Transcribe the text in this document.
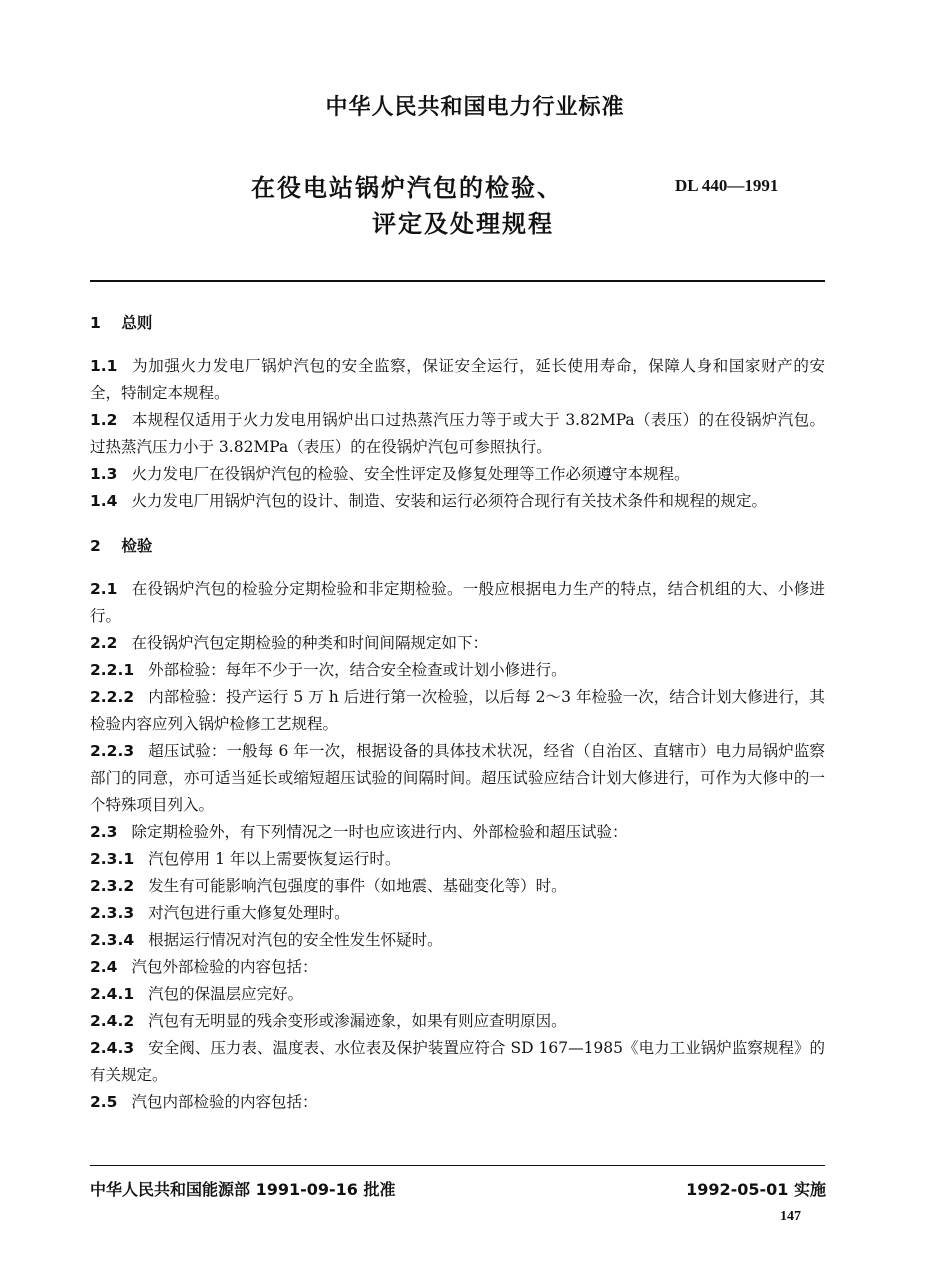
中华人民共和国电力行业标准
在役电站锅炉汽包的检验、
评定及处理规程
DL 440—1991
1 总则

1.1 为加强火力发电厂锅炉汽包的安全监察，保证安全运行，延长使用寿命，保障人身和国家财产的安全，特制定本规程。

1.2 本规程仅适用于火力发电用锅炉出口过热蒸汽压力等于或大于 3.82MPa（表压）的在役锅炉汽包。过热蒸汽压力小于 3.82MPa（表压）的在役锅炉汽包可参照执行。

1.3 火力发电厂在役锅炉汽包的检验、安全性评定及修复处理等工作必须遵守本规程。

1.4 火力发电厂用锅炉汽包的设计、制造、安装和运行必须符合现行有关技术条件和规程的规定。

2 检验

2.1 在役锅炉汽包的检验分定期检验和非定期检验。一般应根据电力生产的特点，结合机组的大、小修进行。

2.2 在役锅炉汽包定期检验的种类和时间间隔规定如下：

2.2.1 外部检验：每年不少于一次，结合安全检查或计划小修进行。

2.2.2 内部检验：投产运行 5 万 h 后进行第一次检验，以后每 2～3 年检验一次，结合计划大修进行，其检验内容应列入锅炉检修工艺规程。

2.2.3 超压试验：一般每 6 年一次，根据设备的具体技术状况，经省（自治区、直辖市）电力局锅炉监察部门的同意，亦可适当延长或缩短超压试验的间隔时间。超压试验应结合计划大修进行，可作为大修中的一个特殊项目列入。

2.3 除定期检验外，有下列情况之一时也应该进行内、外部检验和超压试验：

2.3.1 汽包停用 1 年以上需要恢复运行时。

2.3.2 发生有可能影响汽包强度的事件（如地震、基础变化等）时。

2.3.3 对汽包进行重大修复处理时。

2.3.4 根据运行情况对汽包的安全性发生怀疑时。

2.4 汽包外部检验的内容包括：

2.4.1 汽包的保温层应完好。

2.4.2 汽包有无明显的残余变形或渗漏迹象，如果有则应查明原因。

2.4.3 安全阀、压力表、温度表、水位表及保护装置应符合 SD 167—1985《电力工业锅炉监察规程》的有关规定。

2.5 汽包内部检验的内容包括：

中华人民共和国能源部 1991-09-16 批准	1992-05-01 实施
147
